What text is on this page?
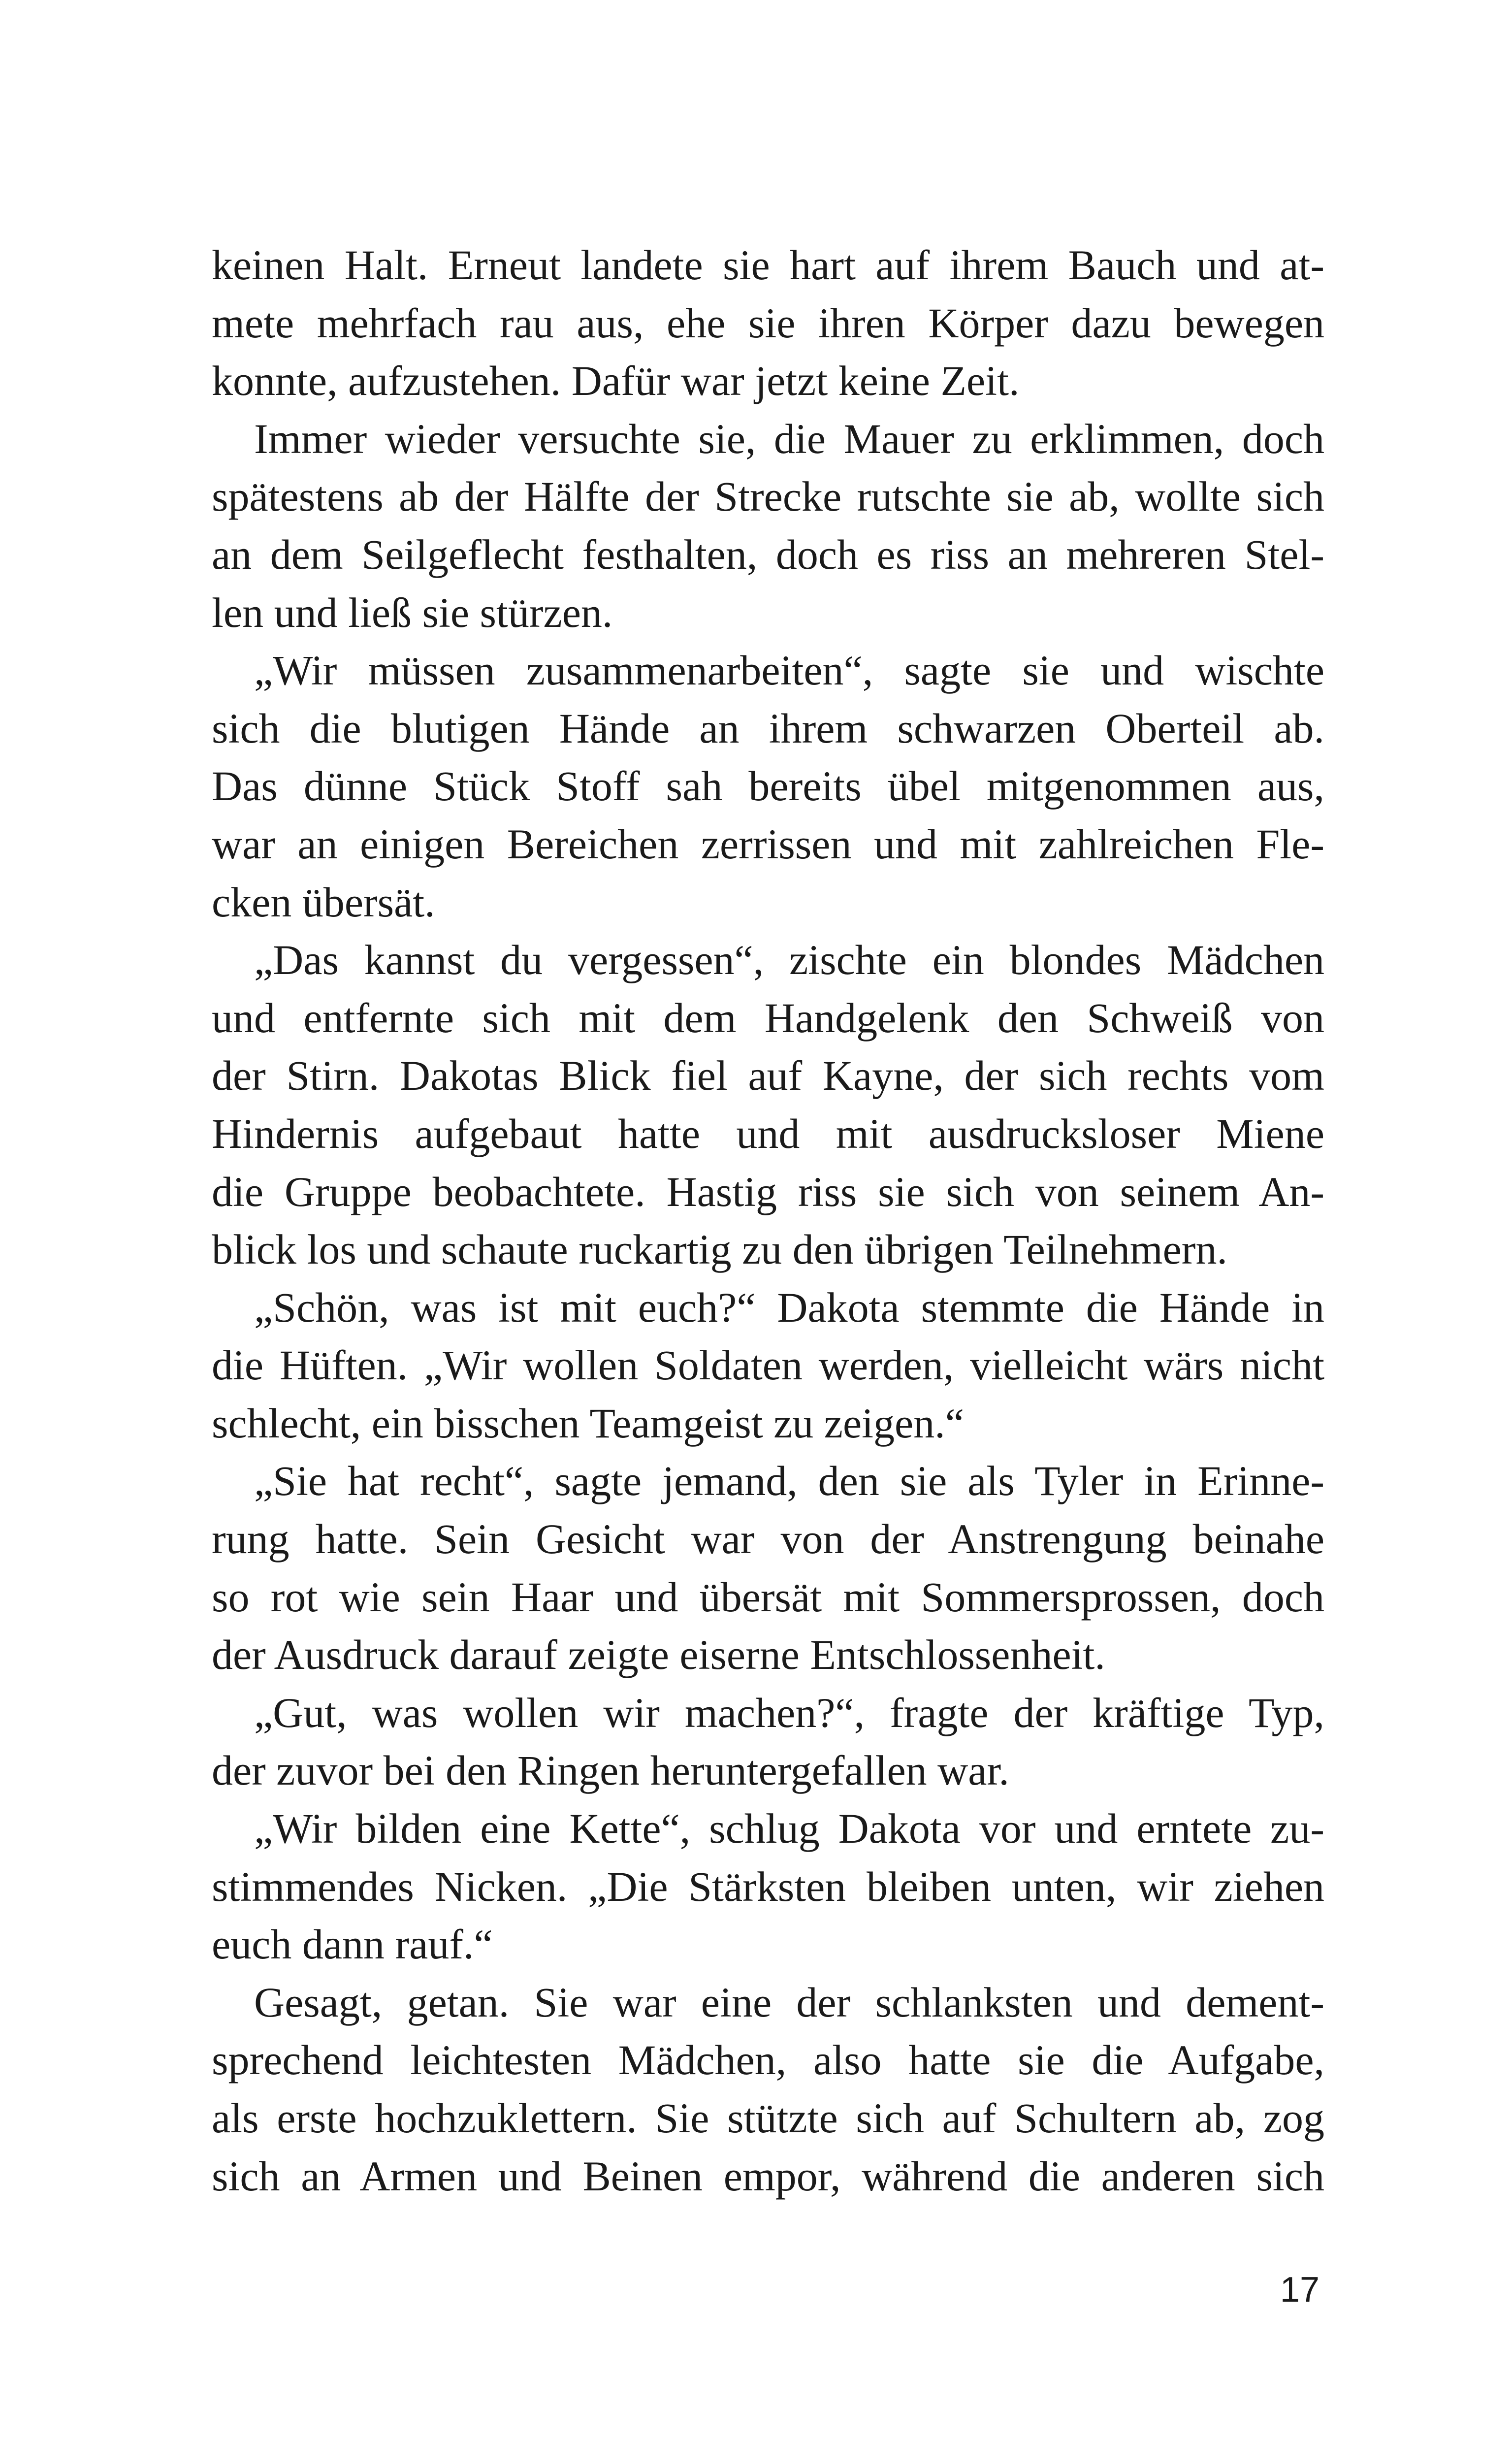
keinen Halt. Erneut landete sie hart auf ihrem Bauch und at-
mete mehrfach rau aus, ehe sie ihren Körper dazu bewegen
konnte, aufzustehen. Dafür war jetzt keine Zeit.
Immer wieder versuchte sie, die Mauer zu erklimmen, doch
spätestens ab der Hälfte der Strecke rutschte sie ab, wollte sich
an dem Seilgeflecht festhalten, doch es riss an mehreren Stel-
len und ließ sie stürzen.
„Wir müssen zusammenarbeiten“, sagte sie und wischte
sich die blutigen Hände an ihrem schwarzen Oberteil ab.
Das dünne Stück Stoff sah bereits übel mitgenommen aus,
war an einigen Bereichen zerrissen und mit zahlreichen Fle-
cken übersät.
„Das kannst du vergessen“, zischte ein blondes Mädchen
und entfernte sich mit dem Handgelenk den Schweiß von
der Stirn. Dakotas Blick fiel auf Kayne, der sich rechts vom
Hindernis aufgebaut hatte und mit ausdrucksloser Miene
die Gruppe beobachtete. Hastig riss sie sich von seinem An-
blick los und schaute ruckartig zu den übrigen Teilnehmern.
„Schön, was ist mit euch?“ Dakota stemmte die Hände in
die Hüften. „Wir wollen Soldaten werden, vielleicht wärs nicht
schlecht, ein bisschen Teamgeist zu zeigen.“
„Sie hat recht“, sagte jemand, den sie als Tyler in Erinne-
rung hatte. Sein Gesicht war von der Anstrengung beinahe
so rot wie sein Haar und übersät mit Sommersprossen, doch
der Ausdruck darauf zeigte eiserne Entschlossenheit.
„Gut, was wollen wir machen?“, fragte der kräftige Typ,
der zuvor bei den Ringen heruntergefallen war.
„Wir bilden eine Kette“, schlug Dakota vor und erntete zu-
stimmendes Nicken. „Die Stärksten bleiben unten, wir ziehen
euch dann rauf.“
Gesagt, getan. Sie war eine der schlanksten und dement-
sprechend leichtesten Mädchen, also hatte sie die Aufgabe,
als erste hochzuklettern. Sie stützte sich auf Schultern ab, zog
sich an Armen und Beinen empor, während die anderen sich
17
